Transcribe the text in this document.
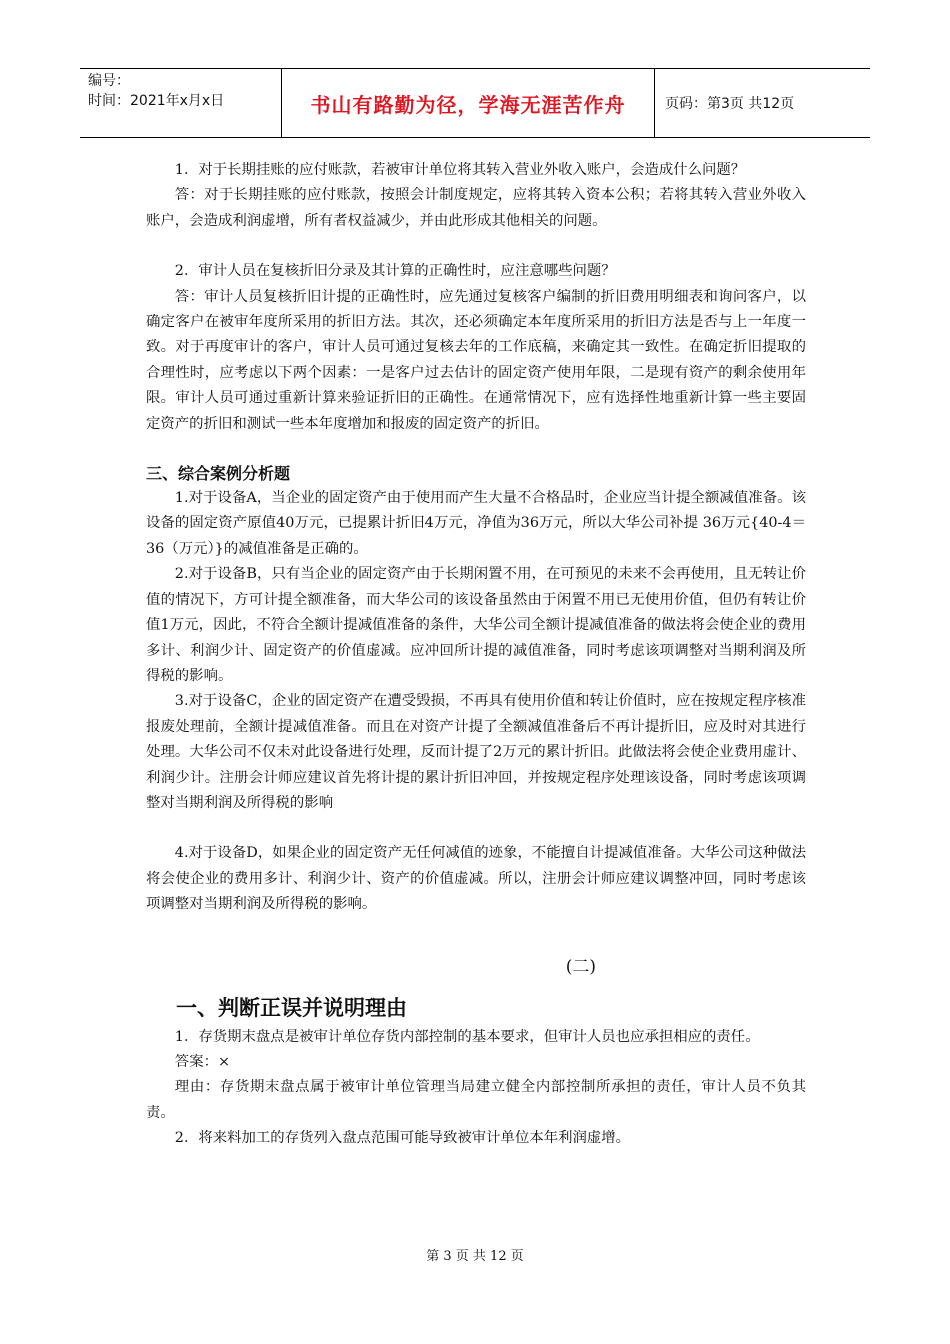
编号：
时间：2021年x月x日	书山有路勤为径，学海无涯苦作舟	页码：第3页 共12页

1．对于长期挂账的应付账款，若被审计单位将其转入营业外收入账户，会造成什么问题？

答：对于长期挂账的应付账款，按照会计制度规定，应将其转入资本公积；若将其转入营业外收入账户，会造成利润虚增，所有者权益减少，并由此形成其他相关的问题。

2．审计人员在复核折旧分录及其计算的正确性时，应注意哪些问题？

答：审计人员复核折旧计提的正确性时，应先通过复核客户编制的折旧费用明细表和询问客户，以确定客户在被审年度所采用的折旧方法。其次，还必须确定本年度所采用的折旧方法是否与上一年度一致。对于再度审计的客户，审计人员可通过复核去年的工作底稿，来确定其一致性。在确定折旧提取的合理性时，应考虑以下两个因素：一是客户过去估计的固定资产使用年限，二是现有资产的剩余使用年限。审计人员可通过重新计算来验证折旧的正确性。在通常情况下，应有选择性地重新计算一些主要固定资产的折旧和测试一些本年度增加和报废的固定资产的折旧。

三、综合案例分析题

1.对于设备A，当企业的固定资产由于使用而产生大量不合格品时，企业应当计提全额减值准备。该设备的固定资产原值40万元，已提累计折旧4万元，净值为36万元，所以大华公司补提 36万元{40-4＝36（万元）}的减值准备是正确的。

2.对于设备B，只有当企业的固定资产由于长期闲置不用，在可预见的未来不会再使用，且无转让价值的情况下，方可计提全额准备，而大华公司的该设备虽然由于闲置不用已无使用价值，但仍有转让价值1万元，因此，不符合全额计提减值准备的条件，大华公司全额计提减值准备的做法将会使企业的费用多计、利润少计、固定资产的价值虚减。应冲回所计提的减值准备，同时考虑该项调整对当期利润及所得税的影响。

3.对于设备C，企业的固定资产在遭受毁损，不再具有使用价值和转让价值时，应在按规定程序核准报废处理前，全额计提减值准备。而且在对资产计提了全额减值准备后不再计提折旧，应及时对其进行处理。大华公司不仅未对此设备进行处理，反而计提了2万元的累计折旧。此做法将会使企业费用虚计、利润少计。注册会计师应建议首先将计提的累计折旧冲回，并按规定程序处理该设备，同时考虑该项调整对当期利润及所得税的影响

4.对于设备D，如果企业的固定资产无任何减值的迹象，不能擅自计提减值准备。大华公司这种做法将会使企业的费用多计、利润少计、资产的价值虚减。所以，注册会计师应建议调整冲回，同时考虑该项调整对当期利润及所得税的影响。

(二)

一、判断正误并说明理由

1．存货期末盘点是被审计单位存货内部控制的基本要求，但审计人员也应承担相应的责任。

答案：×

理由：存货期末盘点属于被审计单位管理当局建立健全内部控制所承担的责任，审计人员不负其责。

2．将来料加工的存货列入盘点范围可能导致被审计单位本年利润虚增。

第 3 页 共 12 页
